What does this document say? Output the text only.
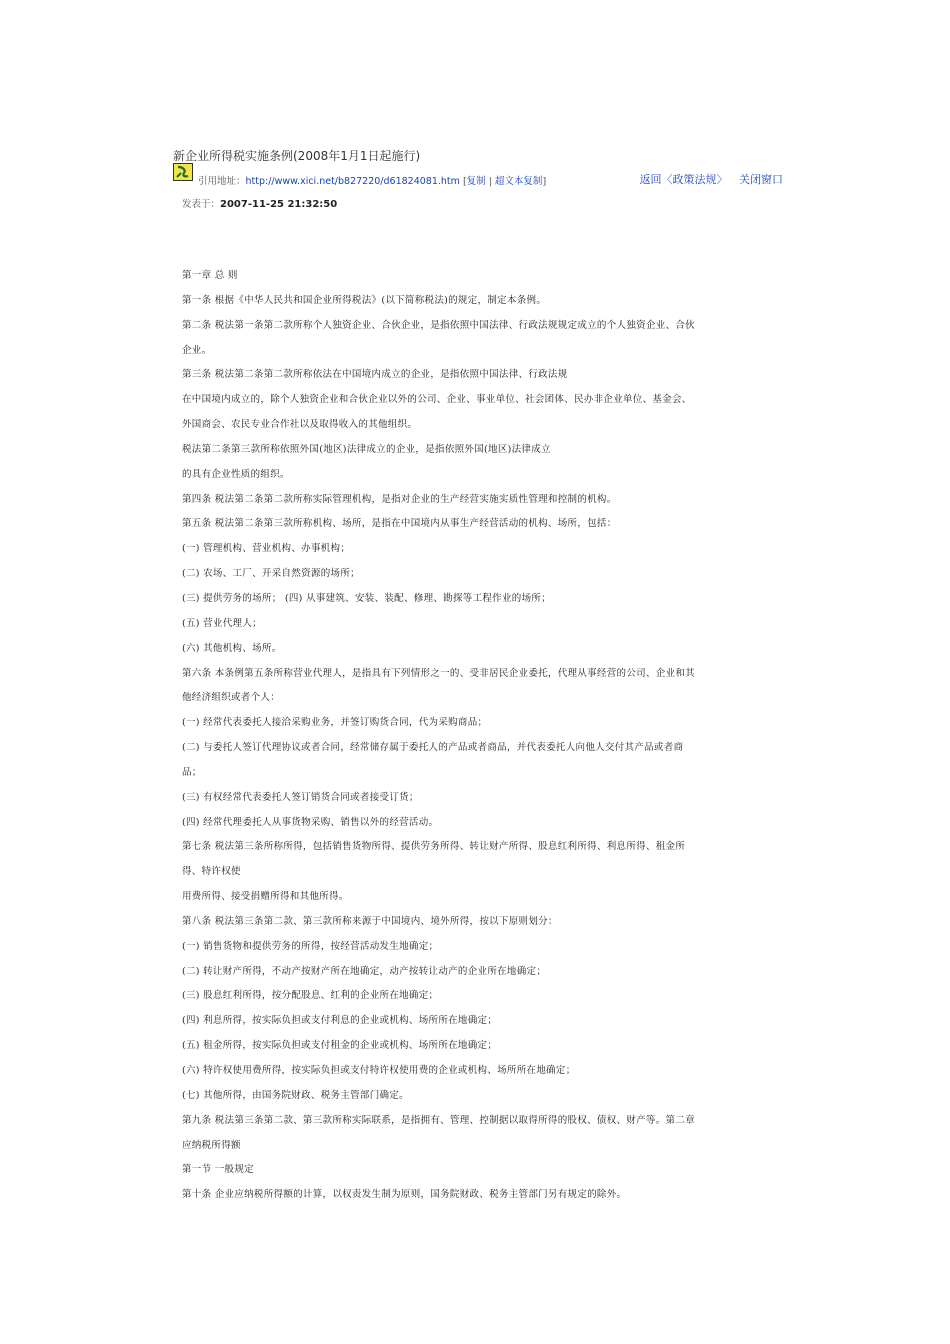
新企业所得税实施条例(2008年1月1日起施行)
引用地址：http://www.xici.net/b827220/d61824081.htm [复制 | 超文本复制]	返回〈政策法规〉 关闭窗口
发表于：2007-11-25 21:32:50
第一章 总 则
第一条 根据《中华人民共和国企业所得税法》(以下简称税法)的规定，制定本条例。
第二条 税法第一条第二款所称个人独资企业、合伙企业，是指依照中国法律、行政法规规定成立的个人独资企业、合伙
企业。
第三条 税法第二条第二款所称依法在中国境内成立的企业，是指依照中国法律、行政法规
在中国境内成立的，除个人独资企业和合伙企业以外的公司、企业、事业单位、社会团体、民办非企业单位、基金会、
外国商会、农民专业合作社以及取得收入的其他组织。
税法第二条第三款所称依照外国(地区)法律成立的企业，是指依照外国(地区)法律成立
的具有企业性质的组织。
第四条 税法第二条第二款所称实际管理机构，是指对企业的生产经营实施实质性管理和控制的机构。
第五条 税法第二条第三款所称机构、场所，是指在中国境内从事生产经营活动的机构、场所，包括：
(一) 管理机构、营业机构、办事机构；
(二) 农场、工厂、开采自然资源的场所；
(三) 提供劳务的场所； (四) 从事建筑、安装、装配、修理、勘探等工程作业的场所；
(五) 营业代理人；
(六) 其他机构、场所。
第六条 本条例第五条所称营业代理人，是指具有下列情形之一的、受非居民企业委托，代理从事经营的公司、企业和其
他经济组织或者个人：
(一) 经常代表委托人接洽采购业务，并签订购货合同，代为采购商品；
(二) 与委托人签订代理协议或者合同，经常储存属于委托人的产品或者商品，并代表委托人向他人交付其产品或者商
品；
(三) 有权经常代表委托人签订销货合同或者接受订货；
(四) 经常代理委托人从事货物采购、销售以外的经营活动。
第七条 税法第三条所称所得，包括销售货物所得、提供劳务所得、转让财产所得、股息红利所得、利息所得、租金所
得、特许权使
用费所得、接受捐赠所得和其他所得。
第八条 税法第三条第二款、第三款所称来源于中国境内、境外所得，按以下原则划分：
(一) 销售货物和提供劳务的所得，按经营活动发生地确定；
(二) 转让财产所得，不动产按财产所在地确定，动产按转让动产的企业所在地确定；
(三) 股息红利所得，按分配股息、红利的企业所在地确定；
(四) 利息所得，按实际负担或支付利息的企业或机构、场所所在地确定；
(五) 租金所得，按实际负担或支付租金的企业或机构、场所所在地确定；
(六) 特许权使用费所得，按实际负担或支付特许权使用费的企业或机构、场所所在地确定；
(七) 其他所得，由国务院财政、税务主管部门确定。
第九条 税法第三条第二款、第三款所称实际联系，是指拥有、管理、控制据以取得所得的股权、债权、财产等。第二章
应纳税所得额
第一节 一般规定
第十条 企业应纳税所得额的计算，以权责发生制为原则，国务院财政、税务主管部门另有规定的除外。
